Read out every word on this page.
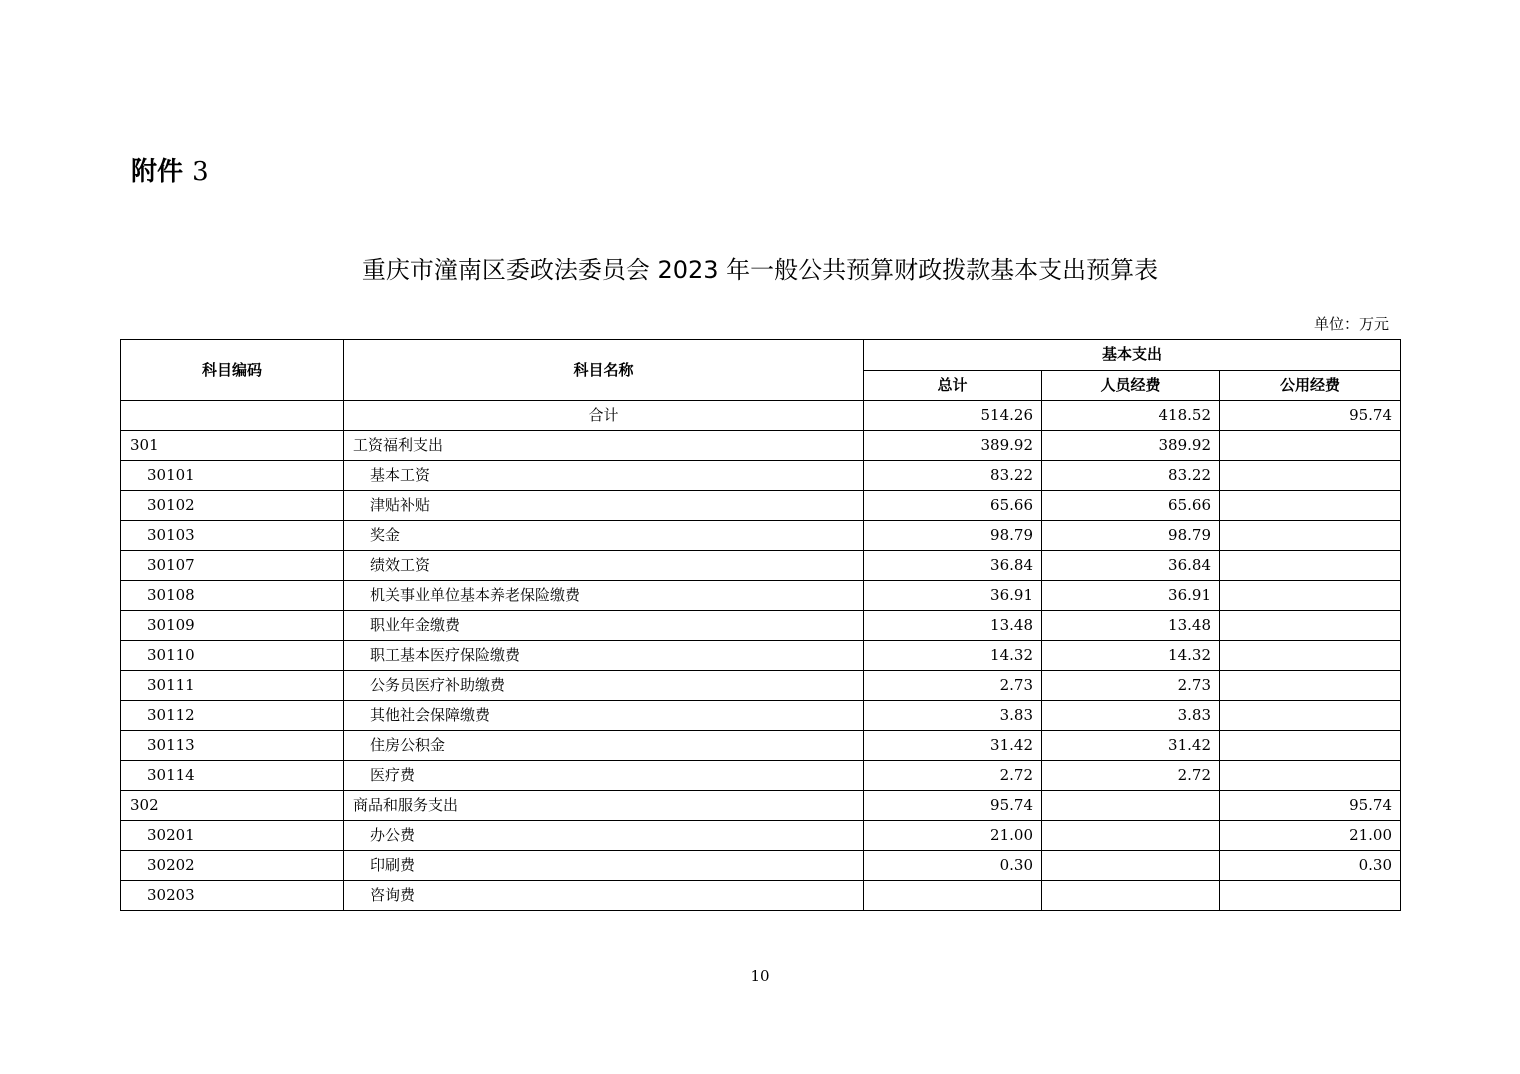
附件 3
重庆市潼南区委政法委员会 2023 年一般公共预算财政拨款基本支出预算表
单位：万元
科目编码	科目名称	基本支出		
		总计	人员经费	公用经费
	合计	514.26	418.52	95.74
301	工资福利支出	389.92	389.92	
30101	基本工资	83.22	83.22	
30102	津贴补贴	65.66	65.66	
30103	奖金	98.79	98.79	
30107	绩效工资	36.84	36.84	
30108	机关事业单位基本养老保险缴费	36.91	36.91	
30109	职业年金缴费	13.48	13.48	
30110	职工基本医疗保险缴费	14.32	14.32	
30111	公务员医疗补助缴费	2.73	2.73	
30112	其他社会保障缴费	3.83	3.83	
30113	住房公积金	31.42	31.42	
30114	医疗费	2.72	2.72	
302	商品和服务支出	95.74		95.74
30201	办公费	21.00		21.00
30202	印刷费	0.30		0.30
30203	咨询费			
10
